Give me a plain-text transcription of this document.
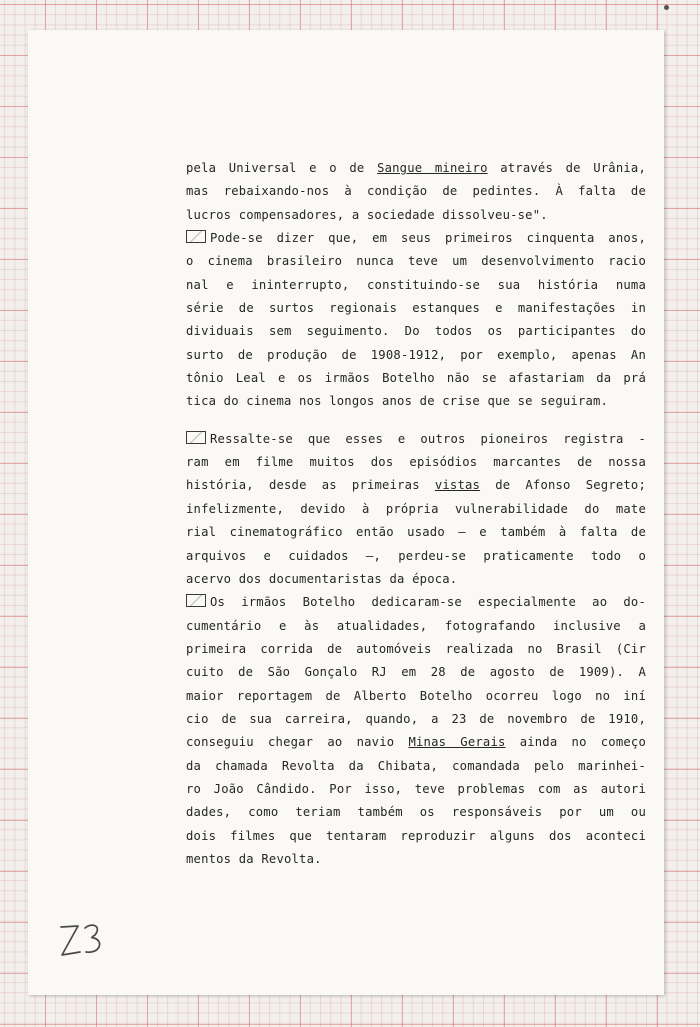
pela Universal e o de Sangue mineiro através de Urânia,
mas rebaixando-nos à condição de pedintes. À falta de
lucros compensadores, a sociedade dissolveu-se".
Pode-se dizer que, em seus primeiros cinquenta anos,
o cinema brasileiro nunca teve um desenvolvimento racio
nal e ininterrupto, constituindo-se sua história numa
série de surtos regionais estanques e manifestações in
dividuais sem seguimento. Do todos os participantes do
surto de produção de 1908-1912, por exemplo, apenas An
tônio Leal e os irmãos Botelho não se afastariam da prá
tica do cinema nos longos anos de crise que se seguiram.
Ressalte-se que esses e outros pioneiros registra -
ram em filme muitos dos episódios marcantes de nossa
história, desde as primeiras vistas de Afonso Segreto;
infelizmente, devido à própria vulnerabilidade do mate
rial cinematográfico então usado — e também à falta de
arquivos e cuidados —, perdeu-se praticamente todo o
acervo dos documentaristas da época.
Os irmãos Botelho dedicaram-se especialmente ao do-
cumentário e às atualidades, fotografando inclusive a
primeira corrida de automóveis realizada no Brasil (Cir
cuito de São Gonçalo RJ em 28 de agosto de 1909). A
maior reportagem de Alberto Botelho ocorreu logo no iní
cio de sua carreira, quando, a 23 de novembro de 1910,
conseguiu chegar ao navio Minas Gerais ainda no começo
da chamada Revolta da Chibata, comandada pelo marinhei-
ro João Cândido. Por isso, teve problemas com as autori
dades, como teriam também os responsáveis por um ou
dois filmes que tentaram reproduzir alguns dos aconteci
mentos da Revolta.
